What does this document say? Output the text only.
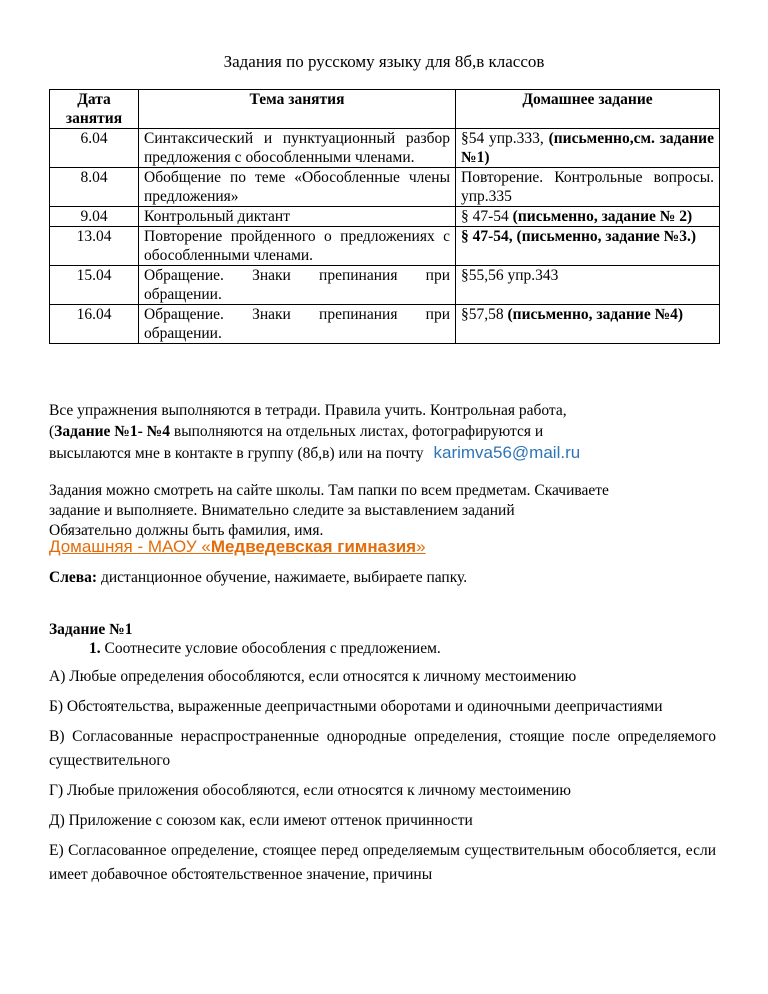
Задания по русскому языку для 8б,в классов
Дата занятия	Тема занятия	Домашнее задание
6.04	Синтаксический и пунктуационный разбор предложения с обособленными членами.	§54 упр.333, (письменно,см. задание №1)
8.04	Обобщение по теме «Обособленные члены предложения»	Повторение. Контрольные вопросы. упр.335
9.04	Контрольный диктант	§ 47-54 (письменно, задание № 2)
13.04	Повторение пройденного о предложениях с обособленными членами.	§ 47-54, (письменно, задание №3.)
15.04	Обращение. Знаки препинания при обращении.	§55,56 упр.343
16.04	Обращение. Знаки препинания при обращении.	§57,58 (письменно, задание №4)
Все упражнения выполняются в тетради. Правила учить. Контрольная работа,
(Задание №1- №4 выполняются на отдельных листах, фотографируются и
высылаются мне в контакте в группу (8б,в) или на почту karimva56@mail.ru
Задания можно смотреть на сайте школы. Там папки по всем предметам. Скачиваете
задание и выполняете. Внимательно следите за выставлением заданий
Обязательно должны быть фамилия, имя.
Домашняя - МАОУ «Медведевская гимназия»
Слева: дистанционное обучение, нажимаете, выбираете папку.
Задание №1
1. Соотнесите условие обособления с предложением.

А) Любые определения обособляются, если относятся к личному местоимению

Б) Обстоятельства, выраженные деепричастными оборотами и одиночными деепричастиями

В) Согласованные нераспространенные однородные определения, стоящие после определяемого существительного

Г) Любые приложения обособляются, если относятся к личному местоимению

Д) Приложение с союзом как, если имеют оттенок причинности

Е) Согласованное определение, стоящее перед определяемым существительным обособляется, если имеет добавочное обстоятельственное значение, причины
